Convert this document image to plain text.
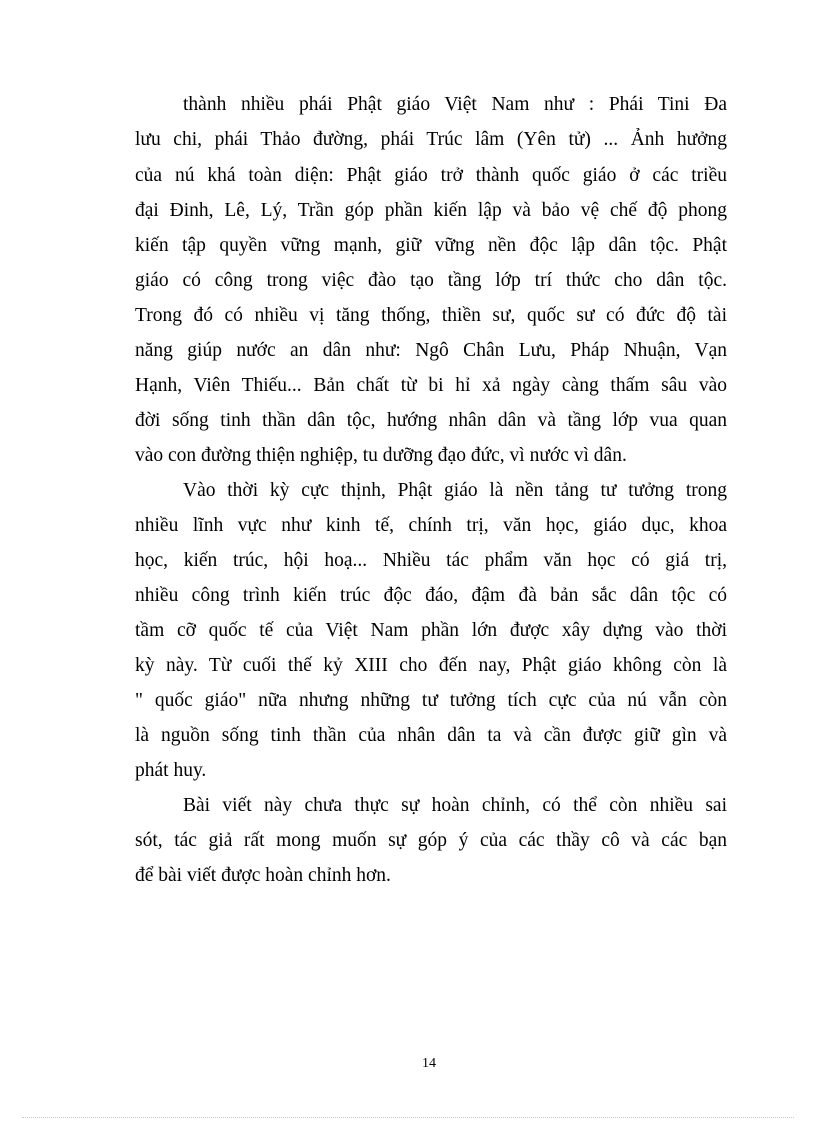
thành nhiều phái Phật giáo Việt Nam như : Phái Tini Đa
lưu chi, phái Thảo đường, phái Trúc lâm (Yên tử) ... Ảnh hưởng
của nú khá toàn diện: Phật giáo trở thành quốc giáo ở các triều
đại Đinh, Lê, Lý, Trần góp phần kiến lập và bảo vệ chế độ phong
kiến tập quyền vững mạnh, giữ vững nền độc lập dân tộc. Phật
giáo có công trong việc đào tạo tầng lớp trí thức cho dân tộc.
Trong đó có nhiều vị tăng thống, thiền sư, quốc sư có đức độ tài
năng giúp nước an dân như: Ngô Chân Lưu, Pháp Nhuận, Vạn
Hạnh, Viên Thiếu... Bản chất từ bi hỉ xả ngày càng thấm sâu vào
đời sống tinh thần dân tộc, hướng nhân dân và tầng lớp vua quan
vào con đường thiện nghiệp, tu dưỡng đạo đức, vì nước vì dân.
Vào thời kỳ cực thịnh, Phật giáo là nền tảng tư tưởng trong
nhiều lĩnh vực như kinh tế, chính trị, văn học, giáo dục, khoa
học, kiến trúc, hội hoạ... Nhiều tác phẩm văn học có giá trị,
nhiều công trình kiến trúc độc đáo, đậm đà bản sắc dân tộc có
tầm cỡ quốc tế của Việt Nam phần lớn được xây dựng vào thời
kỳ này. Từ cuối thế kỷ XIII cho đến nay, Phật giáo không còn là
" quốc giáo" nữa nhưng những tư tưởng tích cực của nú vẫn còn
là nguồn sống tinh thần của nhân dân ta và cần được giữ gìn và
phát huy.
Bài viết này chưa thực sự hoàn chỉnh, có thể còn nhiều sai
sót, tác giả rất mong muốn sự góp ý của các thầy cô và các bạn
để bài viết được hoàn chỉnh hơn.
14
